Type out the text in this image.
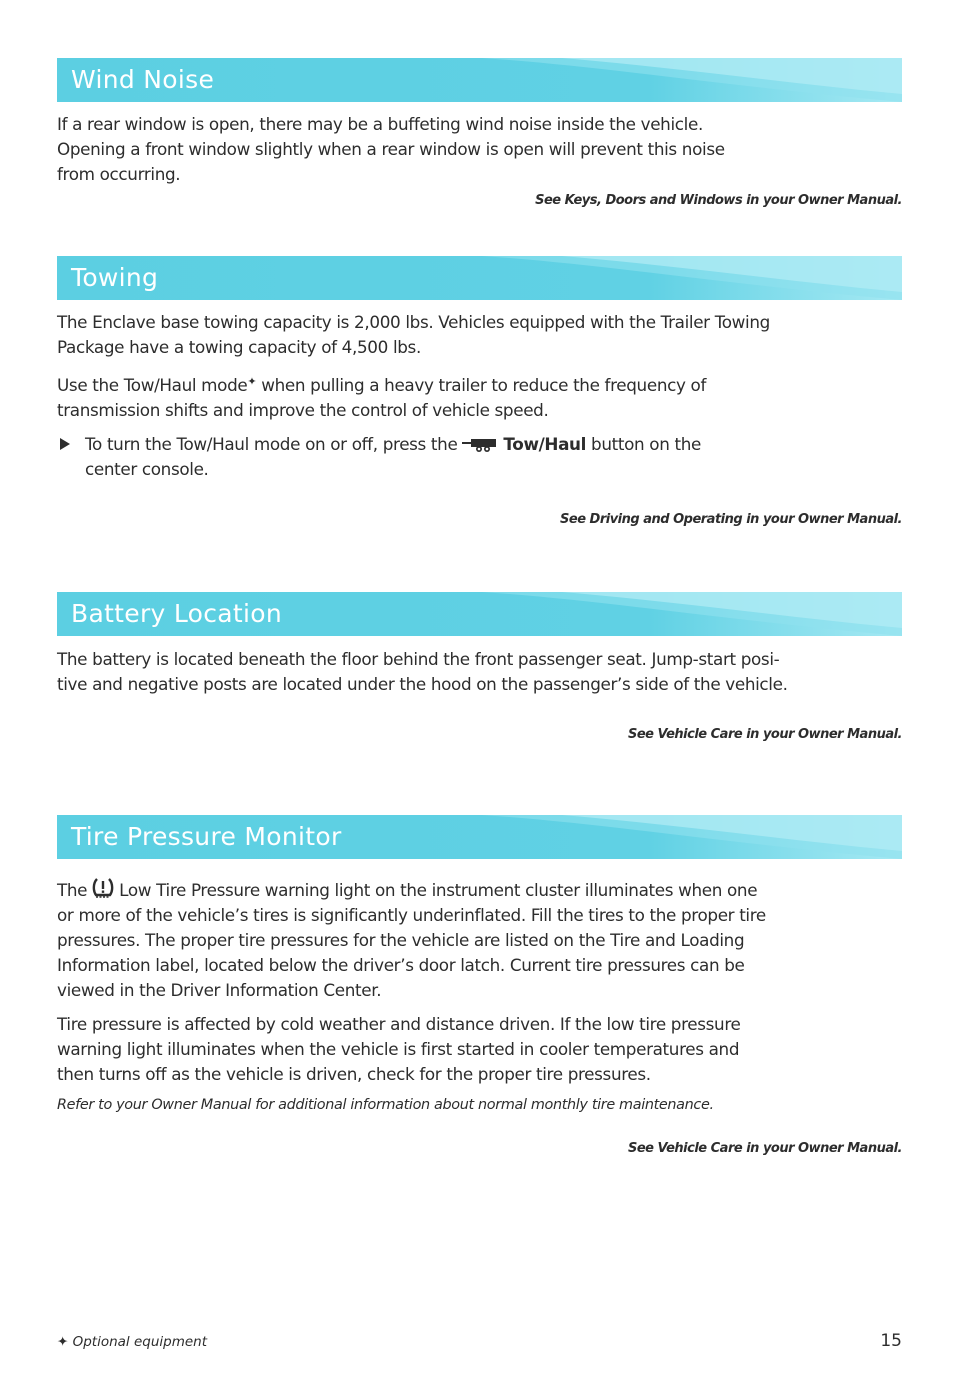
Wind Noise

If a rear window is open, there may be a buffeting wind noise inside the vehicle.

Opening a front window slightly when a rear window is open will prevent this noise

from occurring.

See Keys, Doors and Windows in your Owner Manual.
Towing

The Enclave base towing capacity is 2,000 lbs. Vehicles equipped with the Trailer Towing

Package have a towing capacity of 4,500 lbs.

Use the Tow/Haul mode✦ when pulling a heavy trailer to reduce the frequency of

transmission shifts and improve the control of vehicle speed.

To turn the Tow/Haul mode on or off, press the  Tow/Haul button on the

center console.

See Driving and Operating in your Owner Manual.
Battery Location

The battery is located beneath the floor behind the front passenger seat. Jump-start posi-

tive and negative posts are located under the hood on the passenger’s side of the vehicle.

See Vehicle Care in your Owner Manual.
Tire Pressure Monitor

The  Low Tire Pressure warning light on the instrument cluster illuminates when one

or more of the vehicle’s tires is significantly underinflated. Fill the tires to the proper tire

pressures. The proper tire pressures for the vehicle are listed on the Tire and Loading

Information label, located below the driver’s door latch. Current tire pressures can be

viewed in the Driver Information Center.

Tire pressure is affected by cold weather and distance driven. If the low tire pressure

warning light illuminates when the vehicle is first started in cooler temperatures and

then turns off as the vehicle is driven, check for the proper tire pressures.

Refer to your Owner Manual for additional information about normal monthly tire maintenance.
See Vehicle Care in your Owner Manual.
✦ Optional equipment	15
